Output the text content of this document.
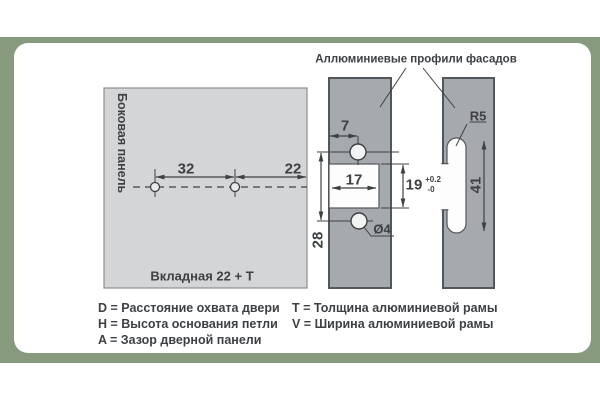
Аллюминиевые профили фасадов
Боковая панель	32	22
Вкладная 22 + Т
7
17	19 +0.2
-0
28
Ø4
R5
41
D = Расстояние охвата двери
H = Высота основания петли
A = Зазор дверной панели
T = Толщина алюминиевой рамы
V = Ширина алюминиевой рамы
